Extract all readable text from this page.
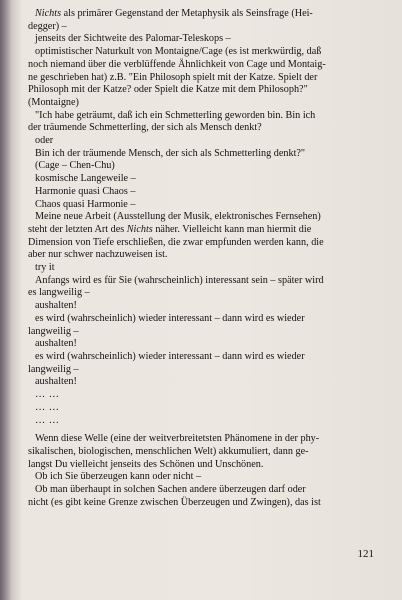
Nichts als primärer Gegenstand der Metaphysik als Seinsfrage (Hei-

degger) –

jenseits der Sichtweite des Palomar-Teleskops –

optimistischer Naturkult von Montaigne/Cage (es ist merkwürdig, daß

noch niemand über die verblüffende Ähnlichkeit von Cage und Montaig-

ne geschrieben hat) z.B. "Ein Philosoph spielt mit der Katze. Spielt der

Philosoph mit der Katze? oder Spielt die Katze mit dem Philosoph?"

(Montaigne)

"Ich habe geträumt, daß ich ein Schmetterling geworden bin. Bin ich

der träumende Schmetterling, der sich als Mensch denkt?

oder

Bin ich der träumende Mensch, der sich als Schmetterling denkt?"

(Cage – Chen-Chu)

kosmische Langeweile –

Harmonie quasi Chaos –

Chaos quasi Harmonie –

Meine neue Arbeit (Ausstellung der Musik, elektronisches Fernsehen)

steht der letzten Art des Nichts näher. Vielleicht kann man hiermit die

Dimension von Tiefe erschließen, die zwar empfunden werden kann, die

aber nur schwer nachzuweisen ist.

try it

Anfangs wird es für Sie (wahrscheinlich) interessant sein – später wird

es langweilig –

aushalten!

es wird (wahrscheinlich) wieder interessant – dann wird es wieder

langweilig –

aushalten!

es wird (wahrscheinlich) wieder interessant – dann wird es wieder

langweilig –

aushalten!

… …

… …

… …

Wenn diese Welle (eine der weitverbreitetsten Phänomene in der phy-

sikalischen, biologischen, menschlichen Welt) akkumuliert, dann ge-

langst Du vielleicht jenseits des Schönen und Unschönen.

Ob ich Sie überzeugen kann oder nicht –

Ob man überhaupt in solchen Sachen andere überzeugen darf oder

nicht (es gibt keine Grenze zwischen Überzeugen und Zwingen), das ist

121
